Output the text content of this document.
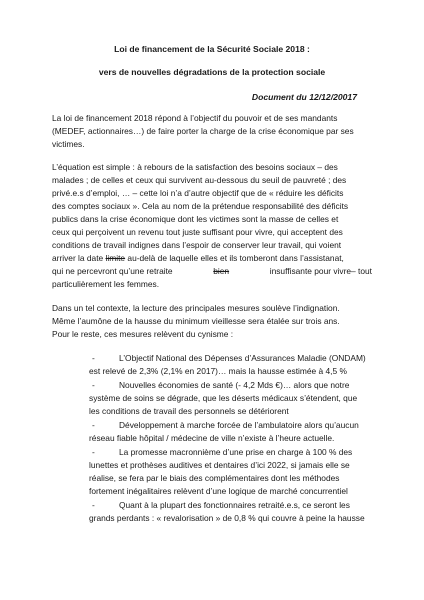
Loi de financement de la Sécurité Sociale 2018 :
vers de nouvelles dégradations de la protection sociale
Document du 12/12/20017
La loi de financement 2018 répond à l’objectif du pouvoir et de ses mandants
(MEDEF, actionnaires…) de faire porter la charge de la crise économique par ses
victimes.
L’équation est simple : à rebours de la satisfaction des besoins sociaux – des
malades ; de celles et ceux qui survivent au-dessous du seuil de pauvreté ; des
privé.e.s d’emploi, … – cette loi n’a d’autre objectif que de « réduire les déficits
des comptes sociaux ». Cela au nom de la prétendue responsabilité des déficits
publics dans la crise économique dont les victimes sont la masse de celles et
ceux qui perçoivent un revenu tout juste suffisant pour vivre, qui acceptent des
conditions de travail indignes dans l’espoir de conserver leur travail, qui voient
arriver la date limite au-delà de laquelle elles et ils tomberont dans l’assistanat,
qui ne percevront qu’une retraite	bien	insuffisante pour vivre– tout
particulièrement les femmes.
Dans un tel contexte, la lecture des principales mesures soulève l’indignation.
Même l’aumône de la hausse du minimum vieillesse sera étalée sur trois ans.
Pour le reste, ces mesures relèvent du cynisme :
-	L’Objectif National des Dépenses d’Assurances Maladie (ONDAM)
est relevé de 2,3% (2,1% en 2017)… mais la hausse estimée à 4,5 %
-	Nouvelles économies de santé (- 4,2 Mds €)… alors que notre
système de soins se dégrade, que les déserts médicaux s’étendent, que
les conditions de travail des personnels se détériorent
-	Développement à marche forcée de l’ambulatoire alors qu’aucun
réseau fiable hôpital / médecine de ville n’existe à l’heure actuelle.
-	La promesse macronnième d’une prise en charge à 100 % des
lunettes et prothèses auditives et dentaires d’ici 2022, si jamais elle se
réalise, se fera par le biais des complémentaires dont les méthodes
fortement inégalitaires relèvent d’une logique de marché concurrentiel
-	Quant à la plupart des fonctionnaires retraité.e.s, ce seront les
grands perdants : « revalorisation » de 0,8 % qui couvre à peine la hausse
